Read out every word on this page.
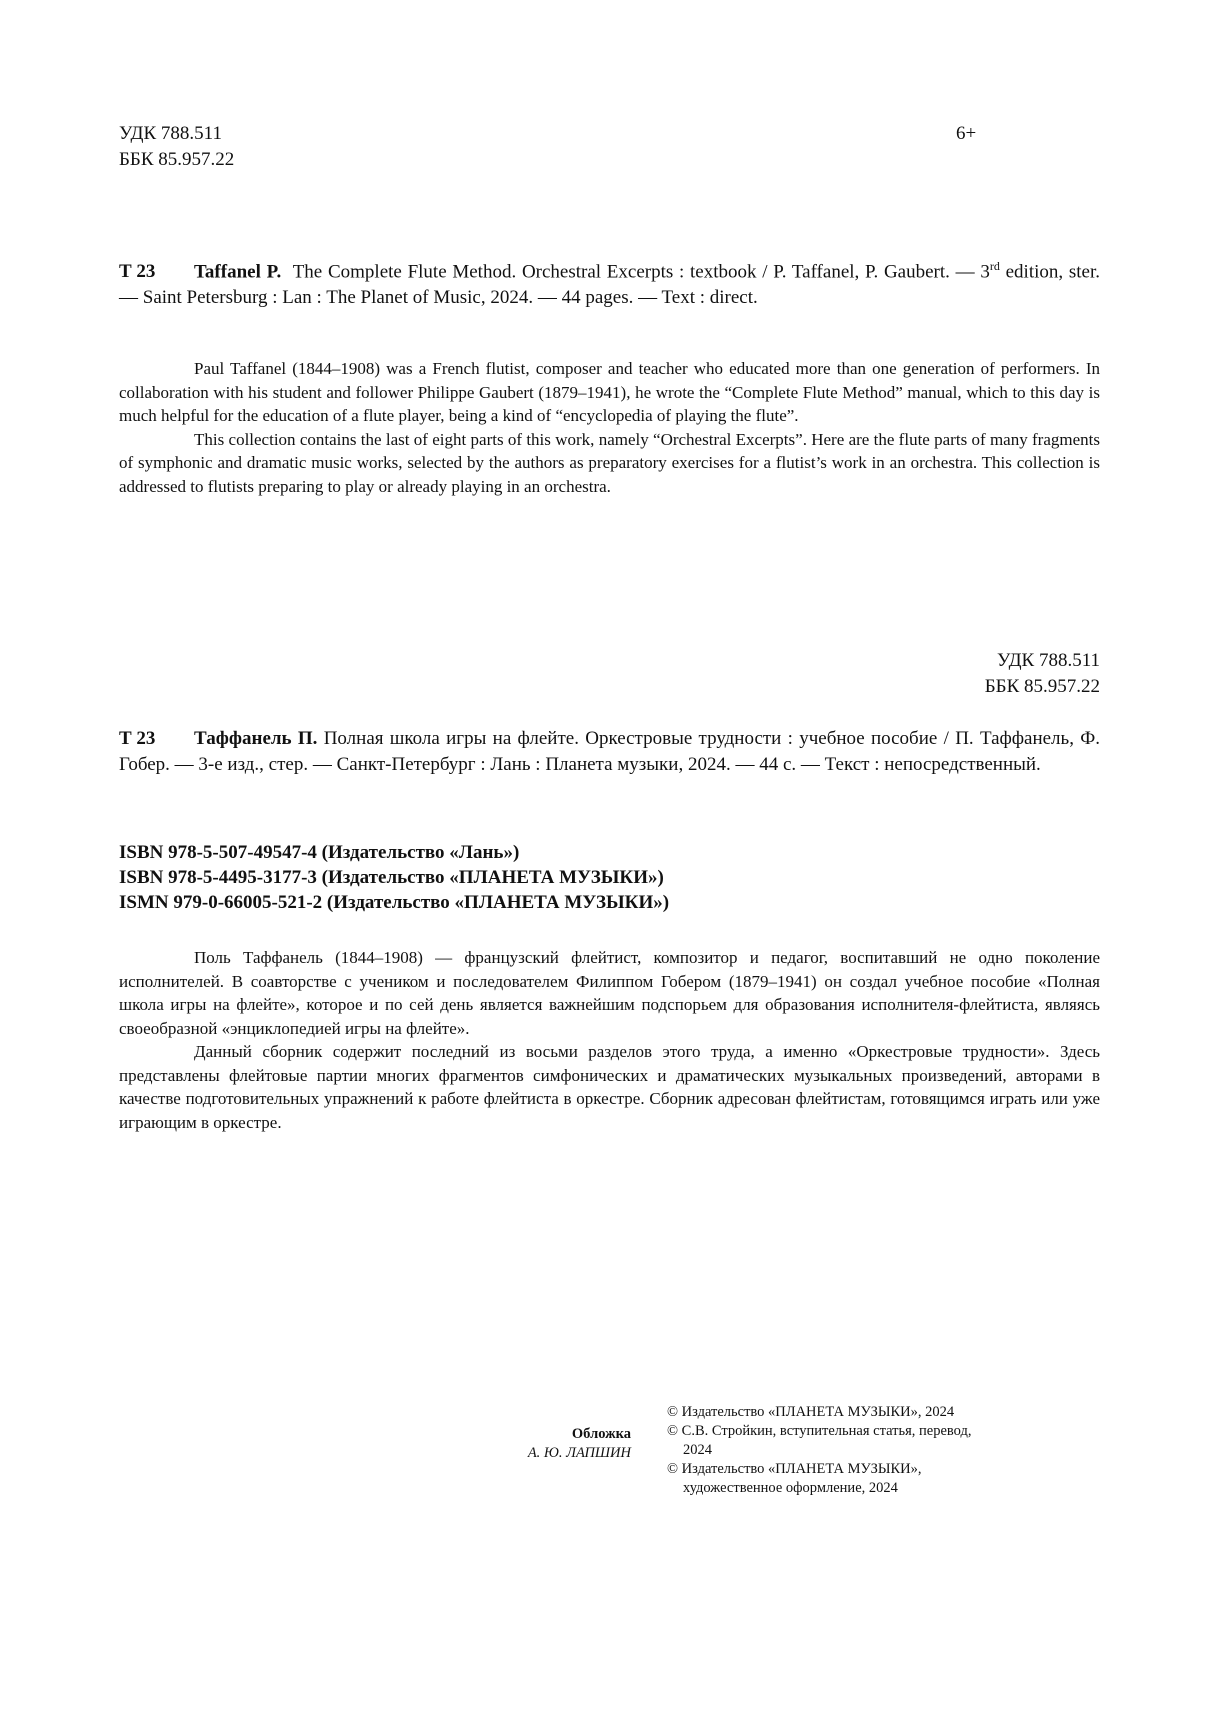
УДК 788.511
ББК 85.957.22
6+
Т 23 Taffanel P. The Complete Flute Method. Orchestral Excerpts : textbook / P. Taffanel, P. Gaubert. — 3rd edition, ster. — Saint Petersburg : Lan : The Planet of Music, 2024. — 44 pages. — Text : direct.

Paul Taffanel (1844–1908) was a French flutist, composer and teacher who educated more than one generation of performers. In collaboration with his student and follower Philippe Gaubert (1879–1941), he wrote the “Complete Flute Method” manual, which to this day is much helpful for the education of a flute player, being a kind of “encyclopedia of playing the flute”.

This collection contains the last of eight parts of this work, namely “Orchestral Excerpts”. Here are the flute parts of many fragments of symphonic and dramatic music works, selected by the authors as preparatory exercises for a flutist’s work in an orchestra. This collection is addressed to flutists preparing to play or already playing in an orchestra.

УДК 788.511
ББК 85.957.22
Т 23 Таффанель П. Полная школа игры на флейте. Оркестровые трудности : учебное пособие / П. Таффанель, Ф. Гобер. — 3-е изд., стер. — Санкт-Петербург : Лань : Планета музыки, 2024. — 44 с. — Текст : непосредственный.
ISBN 978-5-507-49547-4 (Издательство «Лань»)
ISBN 978-5-4495-3177-3 (Издательство «ПЛАНЕТА МУЗЫКИ»)
ISMN 979-0-66005-521-2 (Издательство «ПЛАНЕТА МУЗЫКИ»)

Поль Таффанель (1844–1908) — французский флейтист, композитор и педагог, воспитавший не одно поколение исполнителей. В соавторстве с учеником и последователем Филиппом Гобером (1879–1941) он создал учебное пособие «Полная школа игры на флейте», которое и по сей день является важнейшим подспорьем для образования исполнителя-флейтиста, являясь своеобразной «энциклопедией игры на флейте».

Данный сборник содержит последний из восьми разделов этого труда, а именно «Оркестровые трудности». Здесь представлены флейтовые партии многих фрагментов симфонических и драматических музыкальных произведений, авторами в качестве подготовительных упражнений к работе флейтиста в оркестре. Сборник адресован флейтистам, готовящимся играть или уже играющим в оркестре.

Обложка
А. Ю. ЛАПШИН
© Издательство «ПЛАНЕТА МУЗЫКИ», 2024
© С.В. Стройкин, вступительная статья, перевод, 2024
© Издательство «ПЛАНЕТА МУЗЫКИ», художественное оформление, 2024
